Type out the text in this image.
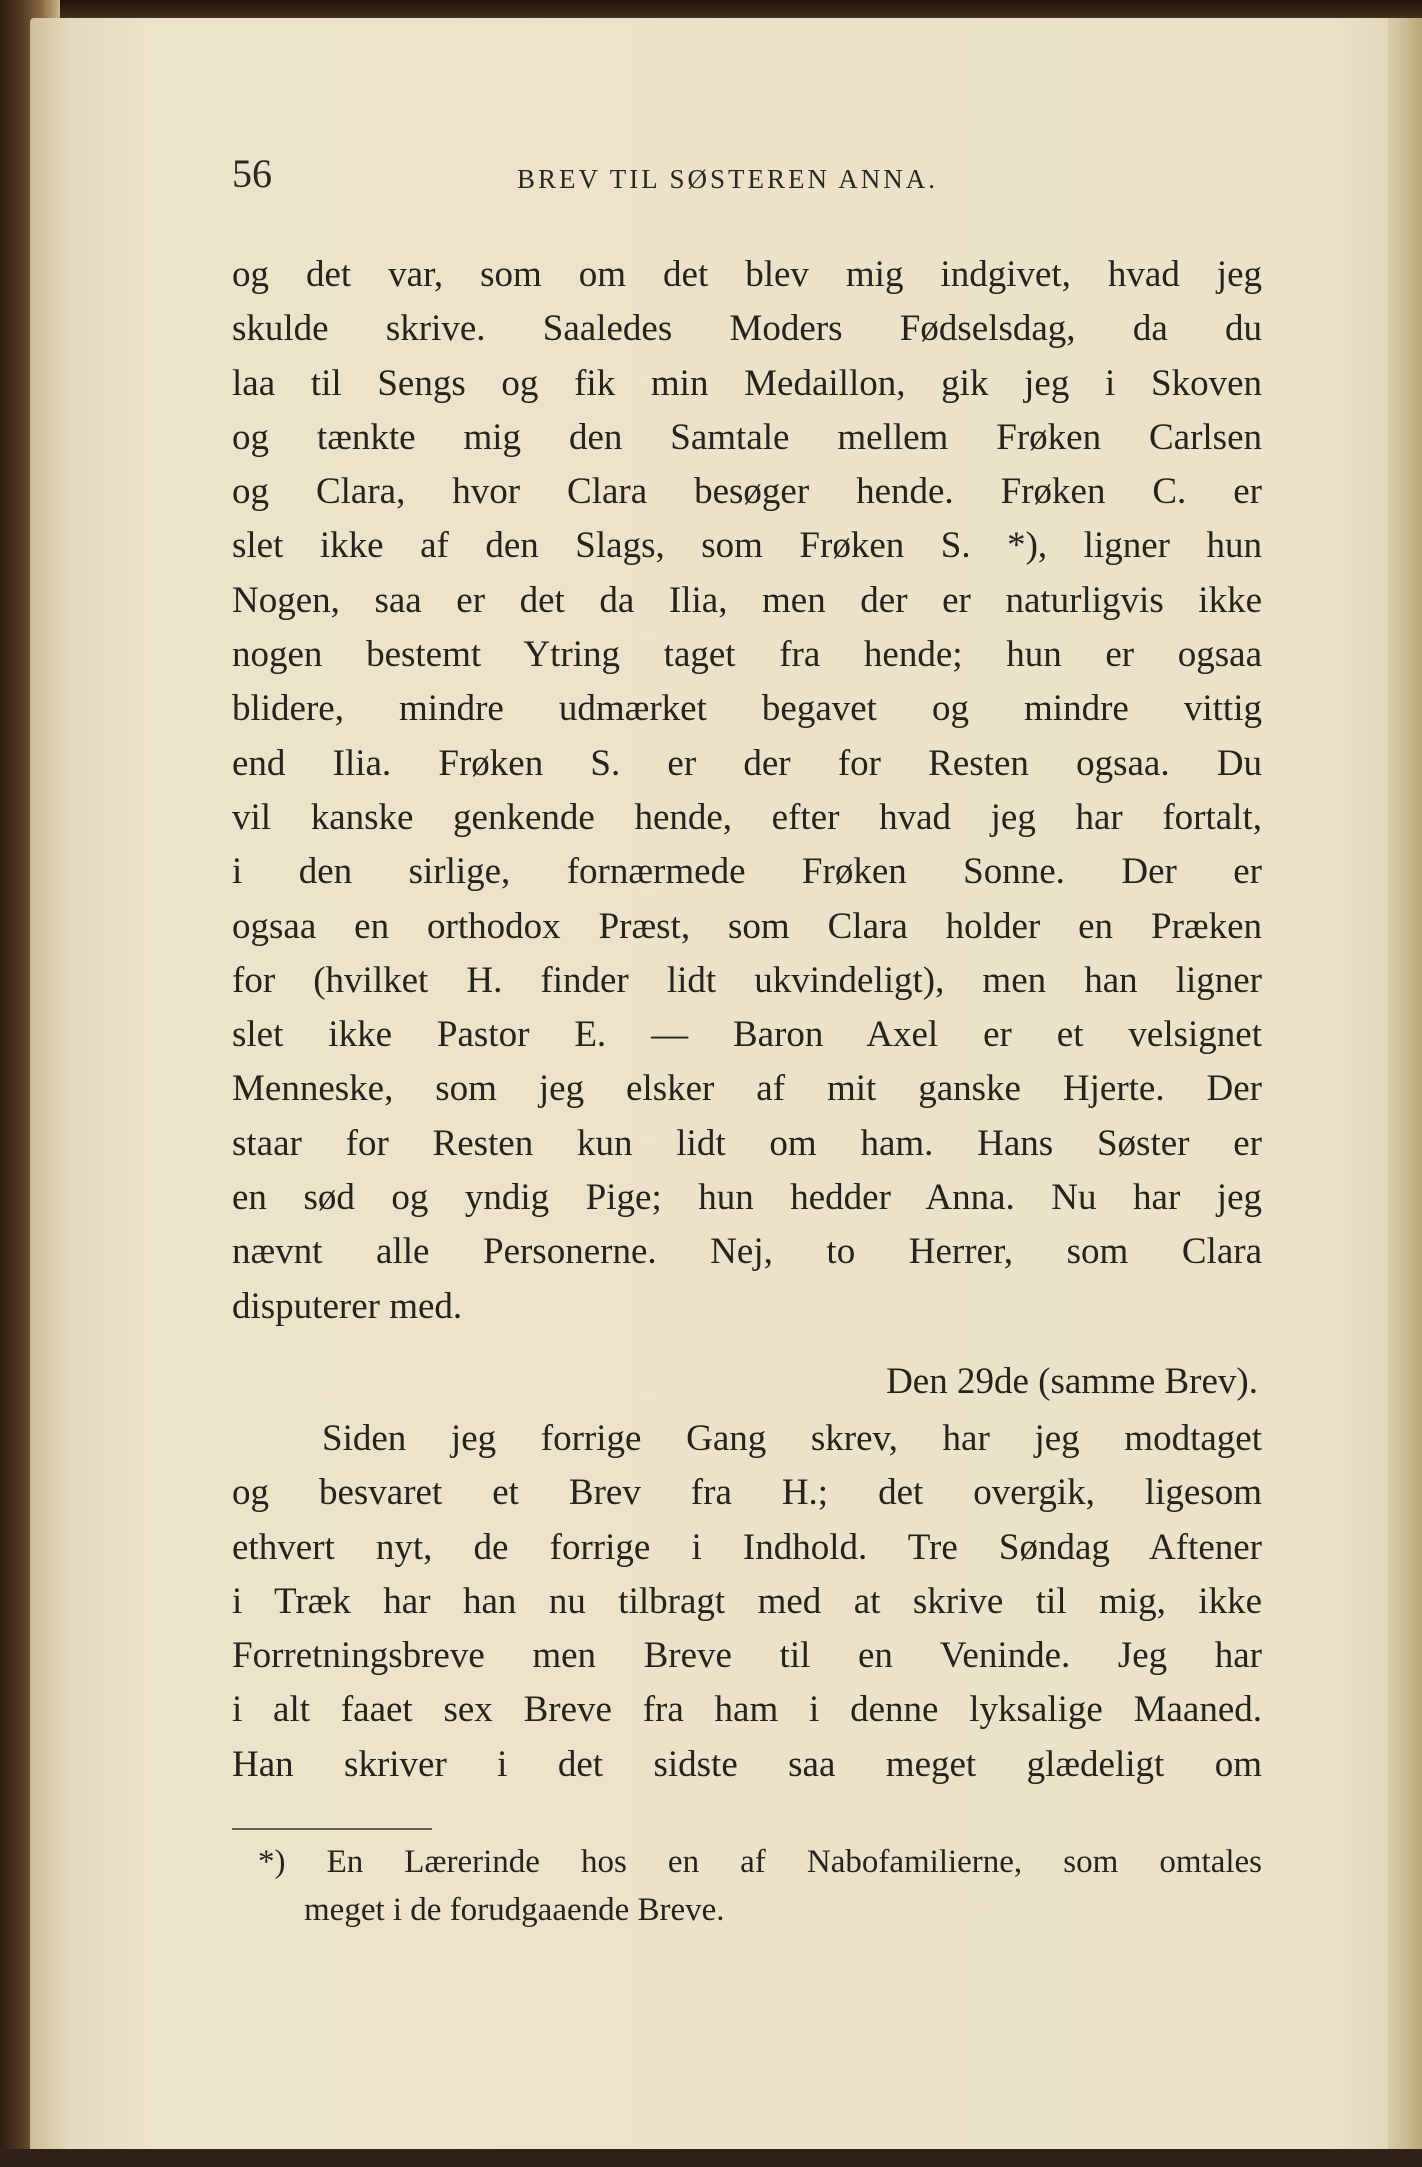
56	BREV TIL SØSTEREN ANNA.
og det var, som om det blev mig indgivet, hvad jeg
skulde skrive. Saaledes Moders Fødselsdag, da du
laa til Sengs og fik min Medaillon, gik jeg i Skoven
og tænkte mig den Samtale mellem Frøken Carlsen
og Clara, hvor Clara besøger hende. Frøken C. er
slet ikke af den Slags, som Frøken S. *), ligner hun
Nogen, saa er det da Ilia, men der er naturligvis ikke
nogen bestemt Ytring taget fra hende; hun er ogsaa
blidere, mindre udmærket begavet og mindre vittig
end Ilia. Frøken S. er der for Resten ogsaa. Du
vil kanske genkende hende, efter hvad jeg har fortalt,
i den sirlige, fornærmede Frøken Sonne. Der er
ogsaa en orthodox Præst, som Clara holder en Præken
for (hvilket H. finder lidt ukvindeligt), men han ligner
slet ikke Pastor E. — Baron Axel er et velsignet
Menneske, som jeg elsker af mit ganske Hjerte. Der
staar for Resten kun lidt om ham. Hans Søster er
en sød og yndig Pige; hun hedder Anna. Nu har jeg
nævnt alle Personerne. Nej, to Herrer, som Clara
disputerer med.
Den 29de (samme Brev).
Siden jeg forrige Gang skrev, har jeg modtaget
og besvaret et Brev fra H.; det overgik, ligesom
ethvert nyt, de forrige i Indhold. Tre Søndag Aftener
i Træk har han nu tilbragt med at skrive til mig, ikke
Forretningsbreve men Breve til en Veninde. Jeg har
i alt faaet sex Breve fra ham i denne lyksalige Maaned.
Han skriver i det sidste saa meget glædeligt om
*) En Lærerinde hos en af Nabofamilierne, som omtales
meget i de forudgaaende Breve.
